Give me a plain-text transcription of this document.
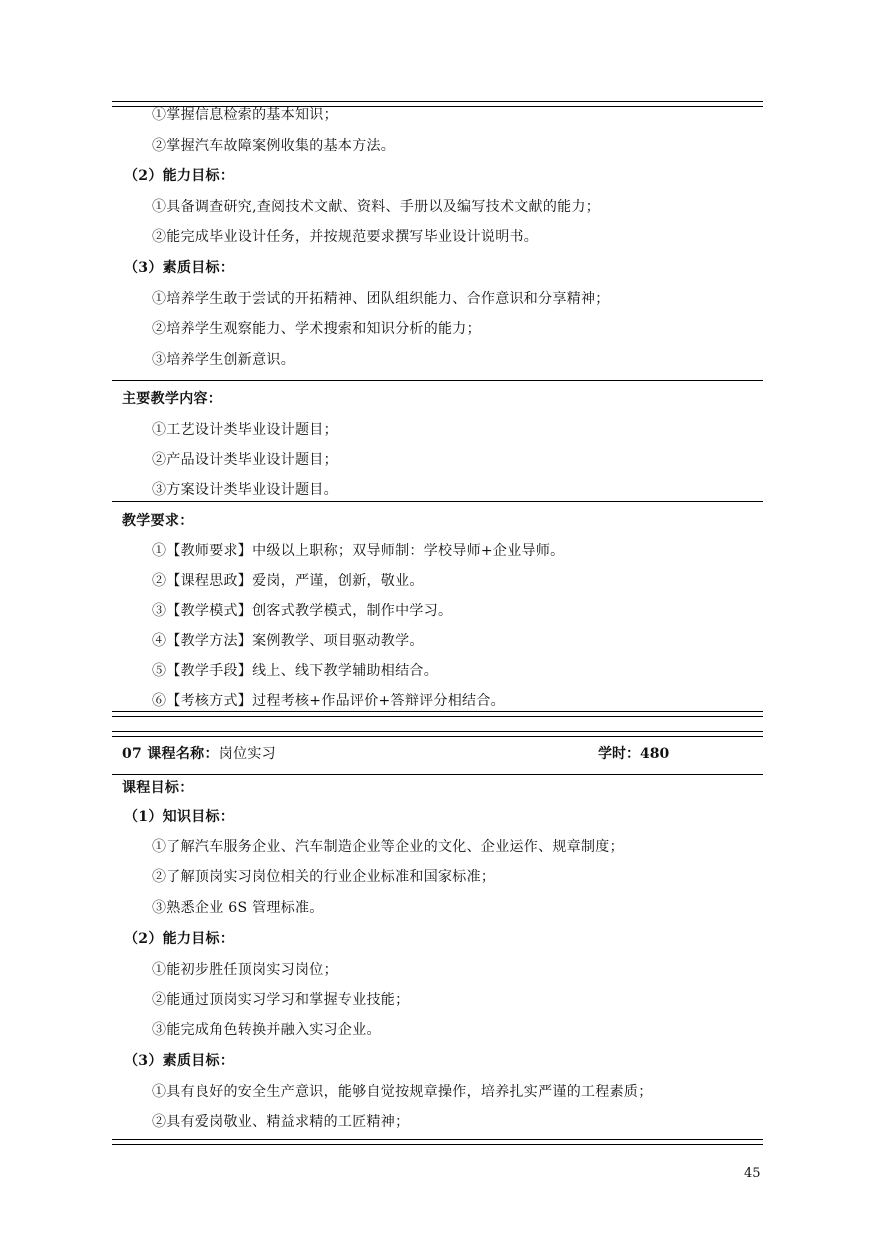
①掌握信息检索的基本知识；
②掌握汽车故障案例收集的基本方法。
（2）能力目标：
①具备调查研究,查阅技术文献、资料、手册以及编写技术文献的能力；
②能完成毕业设计任务，并按规范要求撰写毕业设计说明书。
（3）素质目标：
①培养学生敢于尝试的开拓精神、团队组织能力、合作意识和分享精神；
②培养学生观察能力、学术搜索和知识分析的能力；
③培养学生创新意识。
主要教学内容：
①工艺设计类毕业设计题目；
②产品设计类毕业设计题目；
③方案设计类毕业设计题目。
教学要求：
①【教师要求】中级以上职称；双导师制：学校导师+企业导师。
②【课程思政】爱岗，严谨，创新，敬业。
③【教学模式】创客式教学模式，制作中学习。
④【教学方法】案例教学、项目驱动教学。
⑤【教学手段】线上、线下教学辅助相结合。
⑥【考核方式】过程考核+作品评价+答辩评分相结合。
07 课程名称：岗位实习	学时：480
课程目标：
（1）知识目标：
①了解汽车服务企业、汽车制造企业等企业的文化、企业运作、规章制度；
②了解顶岗实习岗位相关的行业企业标准和国家标准；
③熟悉企业 6S 管理标准。
（2）能力目标：
①能初步胜任顶岗实习岗位；
②能通过顶岗实习学习和掌握专业技能；
③能完成角色转换并融入实习企业。
（3）素质目标：
①具有良好的安全生产意识，能够自觉按规章操作，培养扎实严谨的工程素质；
②具有爱岗敬业、精益求精的工匠精神；
45
